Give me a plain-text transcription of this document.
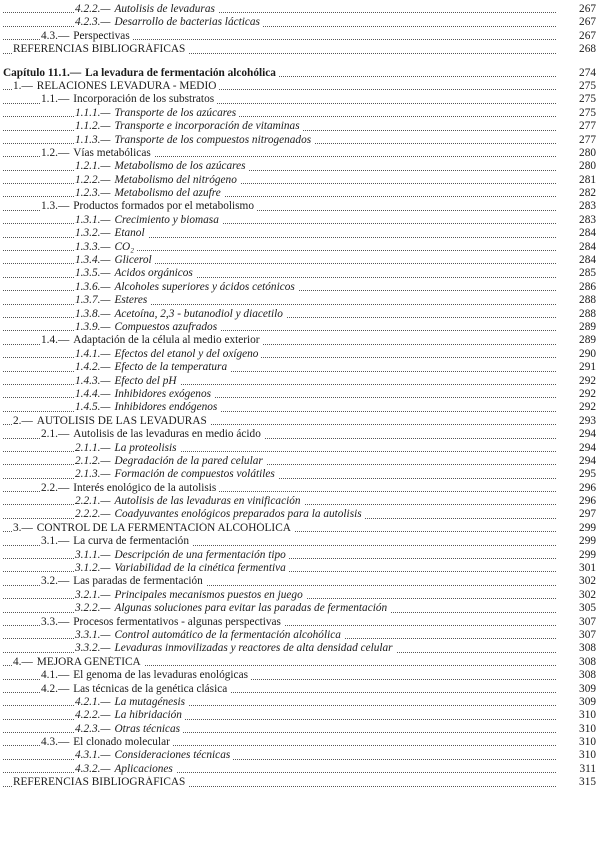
4.2.2.— Autolisis de levaduras	267
4.2.3.— Desarrollo de bacterias lácticas	267
4.3.— Perspectivas	267
REFERENCIAS BIBLIOGRÁFICAS	268
Capítulo 11.1.— La levadura de fermentación alcohólica	274
1.— RELACIONES LEVADURA - MEDIO	275
1.1.— Incorporación de los substratos	275
1.1.1.— Transporte de los azúcares	275
1.1.2.— Transporte e incorporación de vitaminas	277
1.1.3.— Transporte de los compuestos nitrogenados	277
1.2.— Vías metabólicas	280
1.2.1.— Metabolismo de los azúcares	280
1.2.2.— Metabolismo del nitrógeno	281
1.2.3.— Metabolismo del azufre	282
1.3.— Productos formados por el metabolismo	283
1.3.1.— Crecimiento y biomasa	283
1.3.2.— Etanol	284
1.3.3.— CO₂	284
1.3.4.— Glicerol	284
1.3.5.— Acidos orgánicos	285
1.3.6.— Alcoholes superiores y ácidos cetónicos	286
1.3.7.— Esteres	288
1.3.8.— Acetoína, 2,3 - butanodiol y diacetilo	288
1.3.9.— Compuestos azufrados	289
1.4.— Adaptación de la célula al medio exterior	289
1.4.1.— Efectos del etanol y del oxígeno	290
1.4.2.— Efecto de la temperatura	291
1.4.3.— Efecto del pH	292
1.4.4.— Inhibidores exógenos	292
1.4.5.— Inhibidores endógenos	292
2.— AUTOLISIS DE LAS LEVADURAS	293
2.1.— Autolisis de las levaduras en medio ácido	294
2.1.1.— La proteolisis	294
2.1.2.— Degradación de la pared celular	294
2.1.3.— Formación de compuestos volátiles	295
2.2.— Interés enológico de la autolisis	296
2.2.1.— Autolisis de las levaduras en vinificación	296
2.2.2.— Coadyuvantes enológicos preparados para la autolisis	297
3.— CONTROL DE LA FERMENTACIÓN ALCOHÓLICA	299
3.1.— La curva de fermentación	299
3.1.1.— Descripción de una fermentación tipo	299
3.1.2.— Variabilidad de la cinética fermentiva	301
3.2.— Las paradas de fermentación	302
3.2.1.— Principales mecanismos puestos en juego	302
3.2.2.— Algunas soluciones para evitar las paradas de fermentación	305
3.3.— Procesos fermentativos - algunas perspectivas	307
3.3.1.— Control automático de la fermentación alcohólica	307
3.3.2.— Levaduras inmovilizadas y reactores de alta densidad celular	308
4.— MEJORA GENÉTICA	308
4.1.— El genoma de las levaduras enológicas	308
4.2.— Las técnicas de la genética clásica	309
4.2.1.— La mutagénesis	309
4.2.2.— La hibridación	310
4.2.3.— Otras técnicas	310
4.3.— El clonado molecular	310
4.3.1.— Consideraciones técnicas	310
4.3.2.— Aplicaciones	311
REFERENCIAS BIBLIOGRÁFICAS	315
